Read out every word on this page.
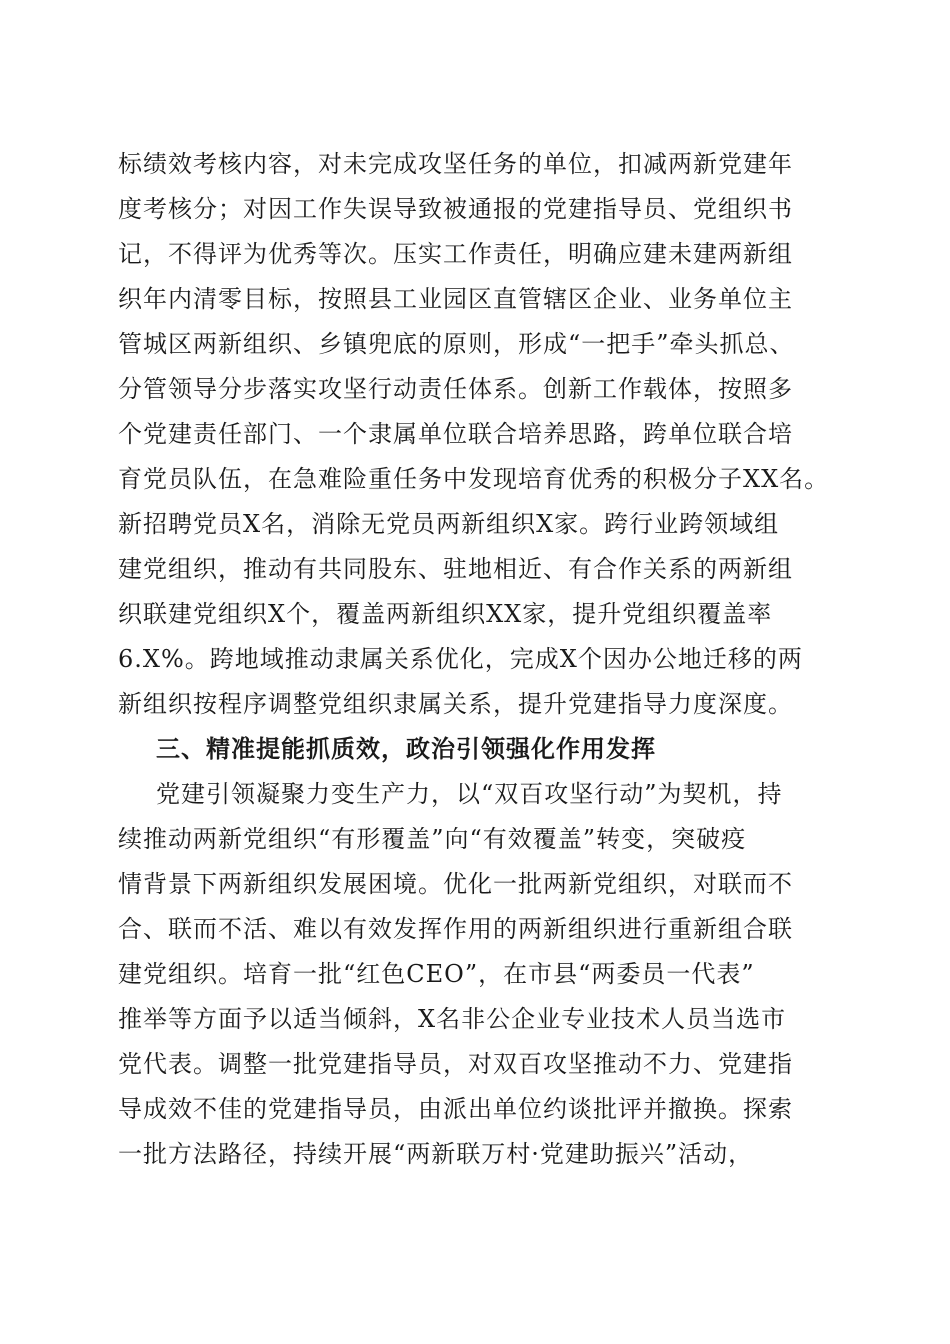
标绩效考核内容，对未完成攻坚任务的单位，扣减两新党建年
度考核分；对因工作失误导致被通报的党建指导员、党组织书
记，不得评为优秀等次。压实工作责任，明确应建未建两新组
织年内清零目标，按照县工业园区直管辖区企业、业务单位主
管城区两新组织、乡镇兜底的原则，形成“一把手”牵头抓总、
分管领导分步落实攻坚行动责任体系。创新工作载体，按照多
个党建责任部门、一个隶属单位联合培养思路，跨单位联合培
育党员队伍，在急难险重任务中发现培育优秀的积极分子XX名。
新招聘党员X名，消除无党员两新组织X家。跨行业跨领域组
建党组织，推动有共同股东、驻地相近、有合作关系的两新组
织联建党组织X个，覆盖两新组织XX家，提升党组织覆盖率
6.X%。跨地域推动隶属关系优化，完成X个因办公地迁移的两
新组织按程序调整党组织隶属关系，提升党建指导力度深度。
三、精准提能抓质效，政治引领强化作用发挥
党建引领凝聚力变生产力，以“双百攻坚行动”为契机，持
续推动两新党组织“有形覆盖”向“有效覆盖”转变，突破疫
情背景下两新组织发展困境。优化一批两新党组织，对联而不
合、联而不活、难以有效发挥作用的两新组织进行重新组合联
建党组织。培育一批“红色CEO”，在市县“两委员一代表”
推举等方面予以适当倾斜，X名非公企业专业技术人员当选市
党代表。调整一批党建指导员，对双百攻坚推动不力、党建指
导成效不佳的党建指导员，由派出单位约谈批评并撤换。探索
一批方法路径，持续开展“两新联万村·党建助振兴”活动，
